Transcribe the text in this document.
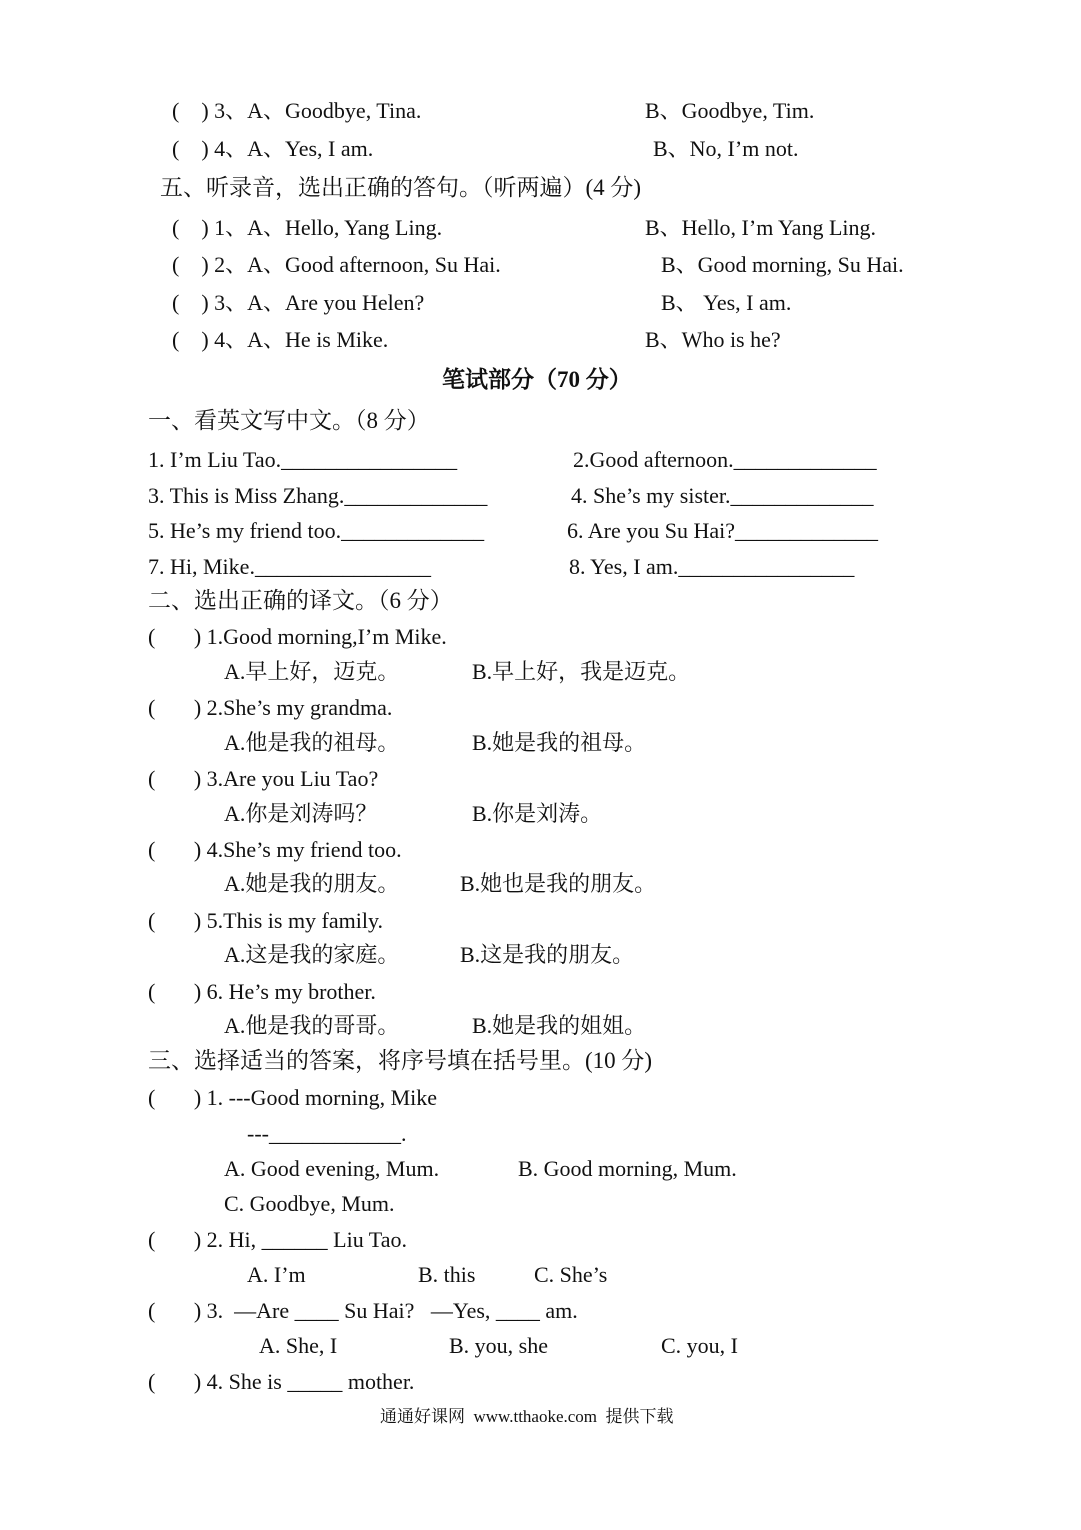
(    ) 3、A、Goodbye, Tina.	B、Goodbye, Tim.
(    ) 4、A、Yes, I am.	B、No, I’m not.
五、听录音，选出正确的答句。（听两遍）(4 分)
(    ) 1、A、Hello, Yang Ling.	B、Hello, I’m Yang Ling.
(    ) 2、A、Good afternoon, Su Hai.	B、Good morning, Su Hai.
(    ) 3、A、Are you Helen?	B、 Yes, I am.
(    ) 4、A、He is Mike.	B、Who is he?
笔试部分（70 分）
一、看英文写中文。（8 分）
1. I’m Liu Tao.________________	2.Good afternoon._____________
3. This is Miss Zhang._____________	4. She’s my sister._____________
5. He’s my friend too._____________	6. Are you Su Hai?_____________
7. Hi, Mike.________________	8. Yes, I am.________________
二、选出正确的译文。（6 分）
(       ) 1.Good morning,I’m Mike.
A.早上好，迈克。	B.早上好，我是迈克。
(       ) 2.She’s my grandma.
A.他是我的祖母。	B.她是我的祖母。
(       ) 3.Are you Liu Tao?
A.你是刘涛吗？	B.你是刘涛。
(       ) 4.She’s my friend too.
A.她是我的朋友。	B.她也是我的朋友。
(       ) 5.This is my family.
A.这是我的家庭。	B.这是我的朋友。
(       ) 6. He’s my brother.
A.他是我的哥哥。	B.她是我的姐姐。
三、选择适当的答案，将序号填在括号里。(10 分)
(       ) 1. ---Good morning, Mike
---____________.
A. Good evening, Mum.	B. Good morning, Mum.
C. Goodbye, Mum.
(       ) 2. Hi, ______ Liu Tao.
A. I’m	B. this	C. She’s
(       ) 3.  —Are ____ Su Hai?   —Yes, ____ am.
A. She, I	B. you, she	C. you, I
(       ) 4. She is _____ mother.
通通好课网  www.tthaoke.com  提供下载
